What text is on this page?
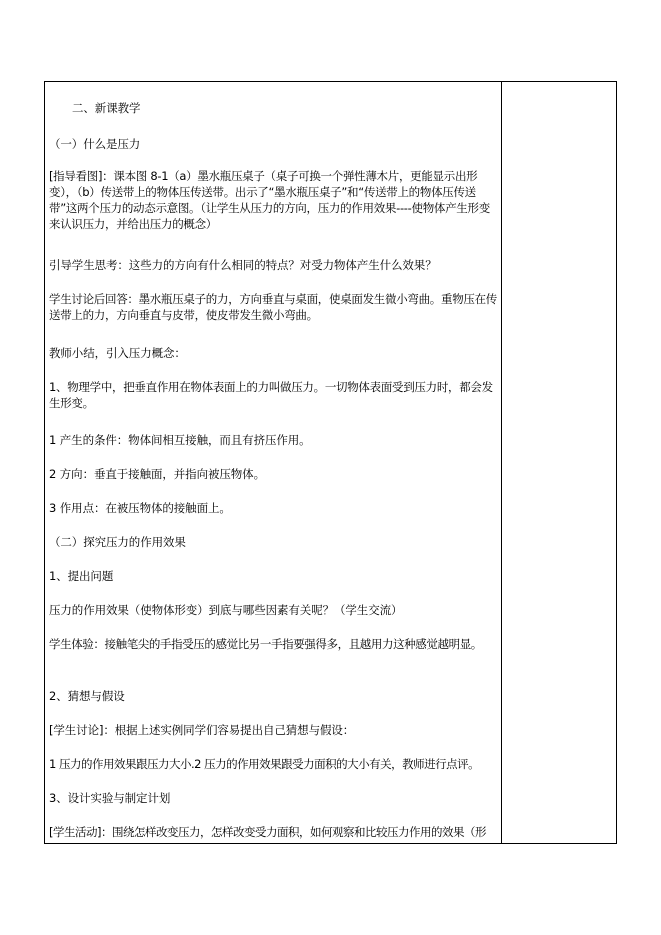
二、新课教学
（一）什么是压力
[指导看图]：课本图 8-1（a）墨水瓶压桌子（桌子可换一个弹性薄木片，更能显示出形变），（b）传送带上的物体压传送带。出示了“墨水瓶压桌子”和“传送带上的物体压传送带”这两个压力的动态示意图。（让学生从压力的方向，压力的作用效果----使物体产生形变来认识压力，并给出压力的概念）
引导学生思考：这些力的方向有什么相同的特点？对受力物体产生什么效果？
学生讨论后回答：墨水瓶压桌子的力，方向垂直与桌面，使桌面发生微小弯曲。重物压在传送带上的力，方向垂直与皮带，使皮带发生微小弯曲。
教师小结，引入压力概念：
1、物理学中，把垂直作用在物体表面上的力叫做压力。一切物体表面受到压力时，都会发生形变。
1 产生的条件：物体间相互接触，而且有挤压作用。
2 方向：垂直于接触面，并指向被压物体。
3 作用点：在被压物体的接触面上。
（二）探究压力的作用效果
1、提出问题
压力的作用效果（使物体形变）到底与哪些因素有关呢？（学生交流）
学生体验：接触笔尖的手指受压的感觉比另一手指要强得多，且越用力这种感觉越明显。
2、猜想与假设
[学生讨论]：根据上述实例同学们容易提出自己猜想与假设：
1 压力的作用效果跟压力大小.2 压力的作用效果跟受力面积的大小有关，教师进行点评。
3、设计实验与制定计划
[学生活动]：围绕怎样改变压力，怎样改变受力面积，如何观察和比较压力作用的效果（形
